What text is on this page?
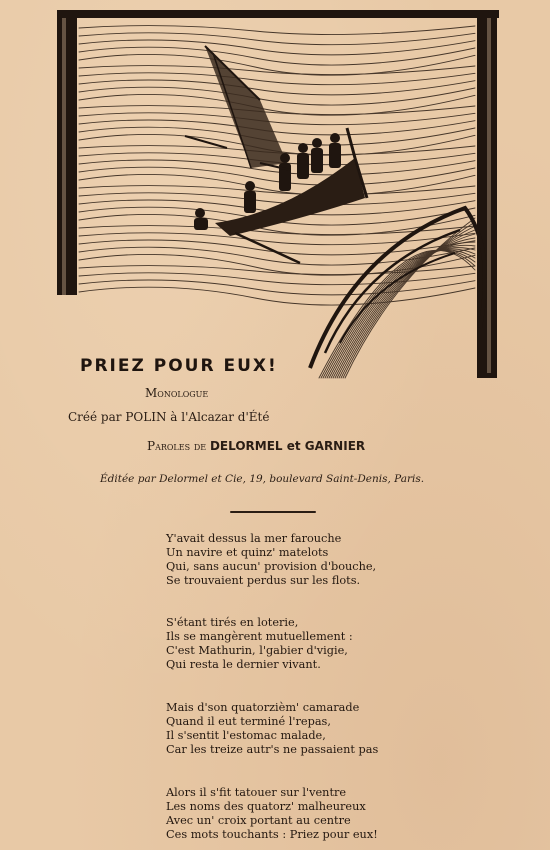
PRIEZ POUR EUX!
Monologue
Créé par POLIN à l'Alcazar d'Été
Paroles de DELORMEL et GARNIER
Éditée par Delormel et Cie, 19, boulevard Saint-Denis, Paris.
Y'avait dessus la mer farouche
Un navire et quinz' matelots
Qui, sans aucun' provision d'bouche,
Se trouvaient perdus sur les flots.
S'étant tirés en loterie,
Ils se mangèrent mutuellement :
C'est Mathurin, l'gabier d'vigie,
Qui resta le dernier vivant.
Mais d'son quatorzièm' camarade
Quand il eut terminé l'repas,
Il s'sentit l'estomac malade,
Car les treize autr's ne passaient pas
Alors il s'fit tatouer sur l'ventre
Les noms des quatorz' malheureux
Avec un' croix portant au centre
Ces mots touchants : Priez pour eux!
